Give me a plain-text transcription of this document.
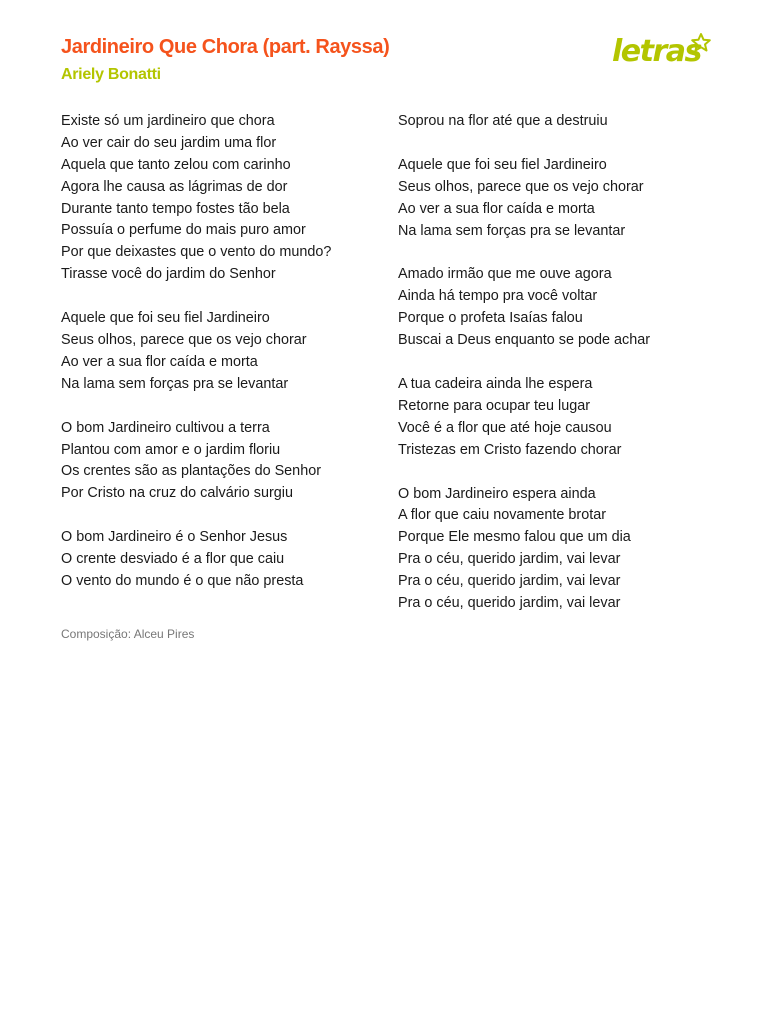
Jardineiro Que Chora (part. Rayssa)
Ariely Bonatti
letras
Existe só um jardineiro que chora
Ao ver cair do seu jardim uma flor
Aquela que tanto zelou com carinho
Agora lhe causa as lágrimas de dor
Durante tanto tempo fostes tão bela
Possuía o perfume do mais puro amor
Por que deixastes que o vento do mundo?
Tirasse você do jardim do Senhor
Aquele que foi seu fiel Jardineiro
Seus olhos, parece que os vejo chorar
Ao ver a sua flor caída e morta
Na lama sem forças pra se levantar
O bom Jardineiro cultivou a terra
Plantou com amor e o jardim floriu
Os crentes são as plantações do Senhor
Por Cristo na cruz do calvário surgiu
O bom Jardineiro é o Senhor Jesus
O crente desviado é a flor que caiu
O vento do mundo é o que não presta
Soprou na flor até que a destruiu
Aquele que foi seu fiel Jardineiro
Seus olhos, parece que os vejo chorar
Ao ver a sua flor caída e morta
Na lama sem forças pra se levantar
Amado irmão que me ouve agora
Ainda há tempo pra você voltar
Porque o profeta Isaías falou
Buscai a Deus enquanto se pode achar
A tua cadeira ainda lhe espera
Retorne para ocupar teu lugar
Você é a flor que até hoje causou
Tristezas em Cristo fazendo chorar
O bom Jardineiro espera ainda
A flor que caiu novamente brotar
Porque Ele mesmo falou que um dia
Pra o céu, querido jardim, vai levar
Pra o céu, querido jardim, vai levar
Pra o céu, querido jardim, vai levar
Composição: Alceu Pires
